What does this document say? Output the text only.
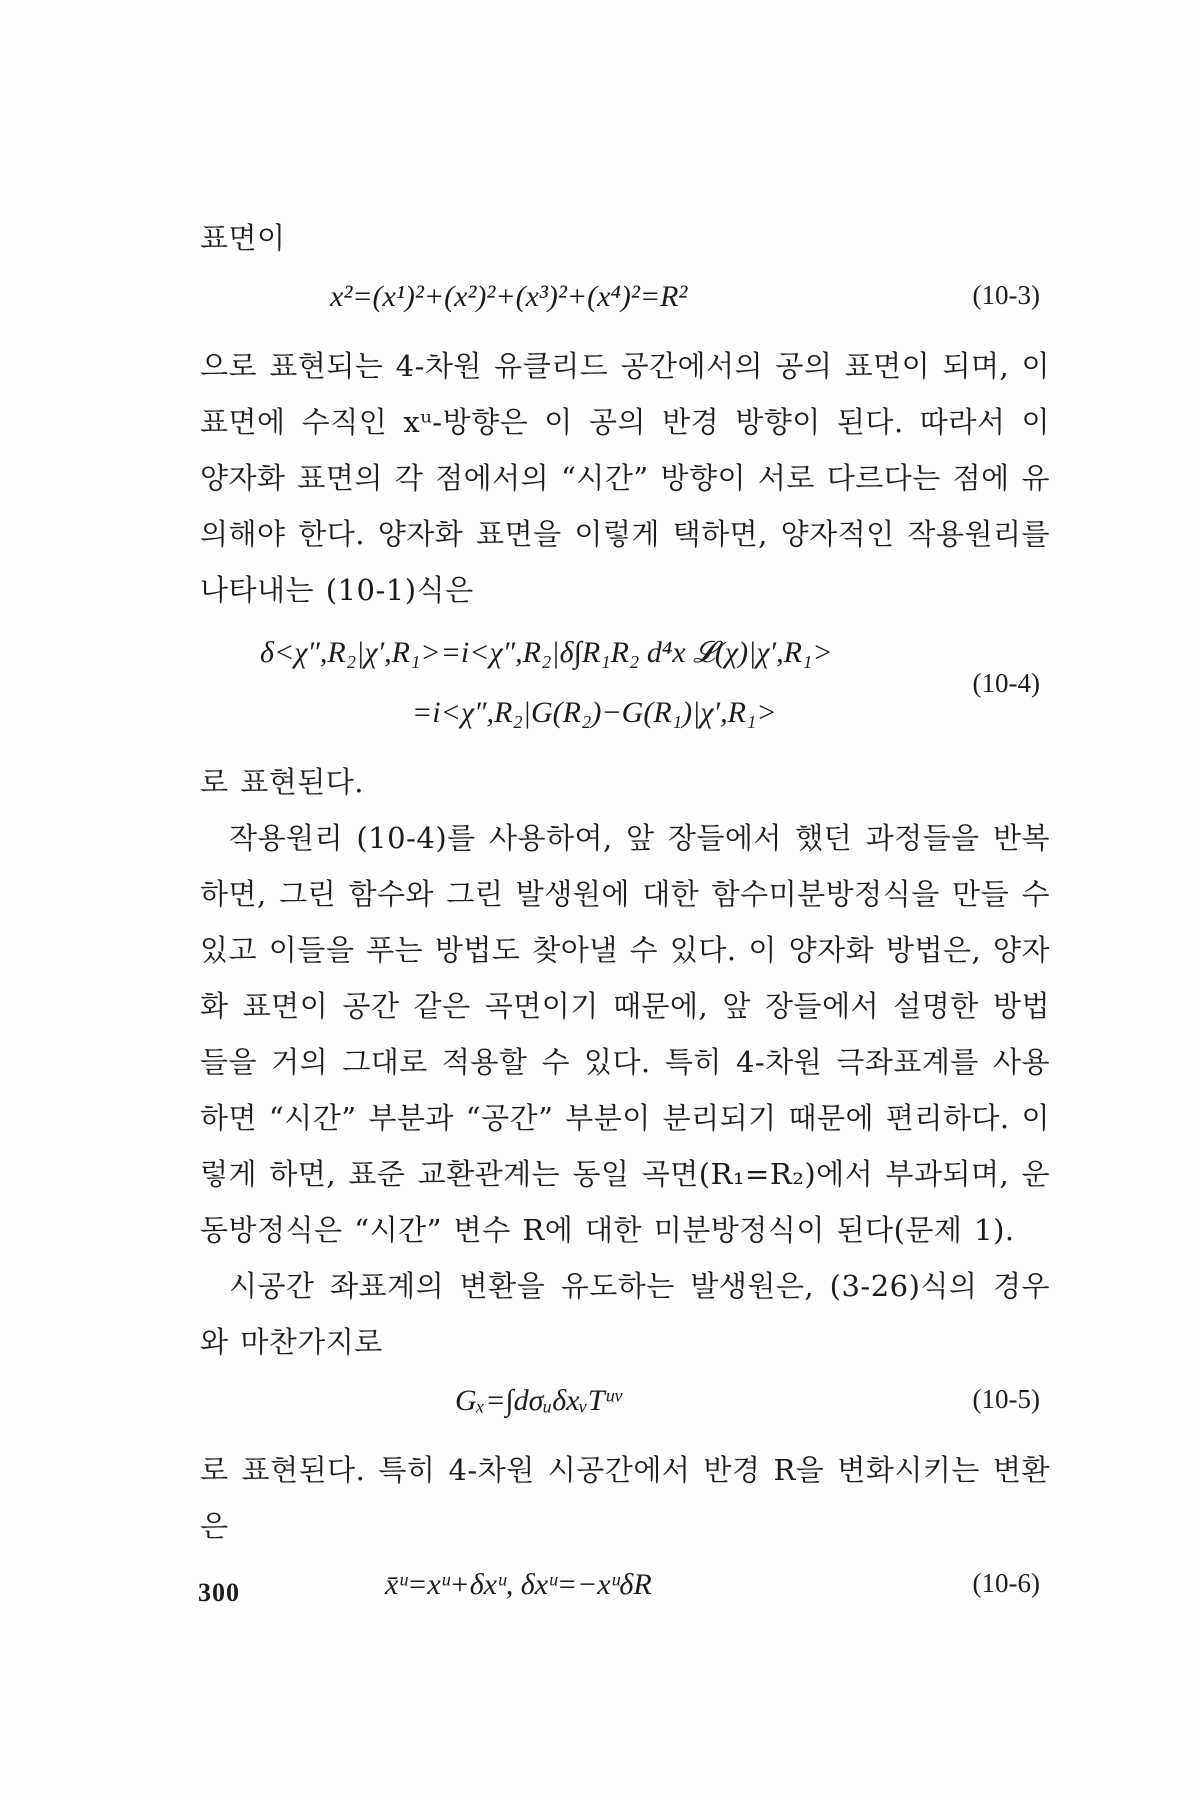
표면이

x²=(x¹)²+(x²)²+(x³)²+(x⁴)²=R²	(10-3)

으로 표현되는 4-차원 유클리드 공간에서의 공의 표면이 되며, 이 표면에 수직인 xᵘ-방향은 이 공의 반경 방향이 된다. 따라서 이 양자화 표면의 각 점에서의 “시간” 방향이 서로 다르다는 점에 유의해야 한다. 양자화 표면을 이렇게 택하면, 양자적인 작용원리를 나타내는 (10-1)식은

δ<χ″,R₂|χ′,R₁>=i<χ″,R₂|δ∫R₁R₂ d⁴x 𝓛(χ)|χ′,R₁>
=i<χ″,R₂|G(R₂)−G(R₁)|χ′,R₁>
(10-4)

로 표현된다.

작용원리 (10-4)를 사용하여, 앞 장들에서 했던 과정들을 반복하면, 그린 함수와 그린 발생원에 대한 함수미분방정식을 만들 수 있고 이들을 푸는 방법도 찾아낼 수 있다. 이 양자화 방법은, 양자화 표면이 공간 같은 곡면이기 때문에, 앞 장들에서 설명한 방법들을 거의 그대로 적용할 수 있다. 특히 4-차원 극좌표계를 사용하면 “시간” 부분과 “공간” 부분이 분리되기 때문에 편리하다. 이렇게 하면, 표준 교환관계는 동일 곡면(R₁=R₂)에서 부과되며, 운동방정식은 “시간” 변수 R에 대한 미분방정식이 된다(문제 1).

시공간 좌표계의 변환을 유도하는 발생원은, (3-26)식의 경우와 마찬가지로

Gₓ=∫dσᵤδxᵥTᵘᵛ	(10-5)

로 표현된다. 특히 4-차원 시공간에서 반경 R을 변화시키는 변환은

x̄ᵘ=xᵘ+δxᵘ, δxᵘ=−xᵘδR	(10-6)
300
